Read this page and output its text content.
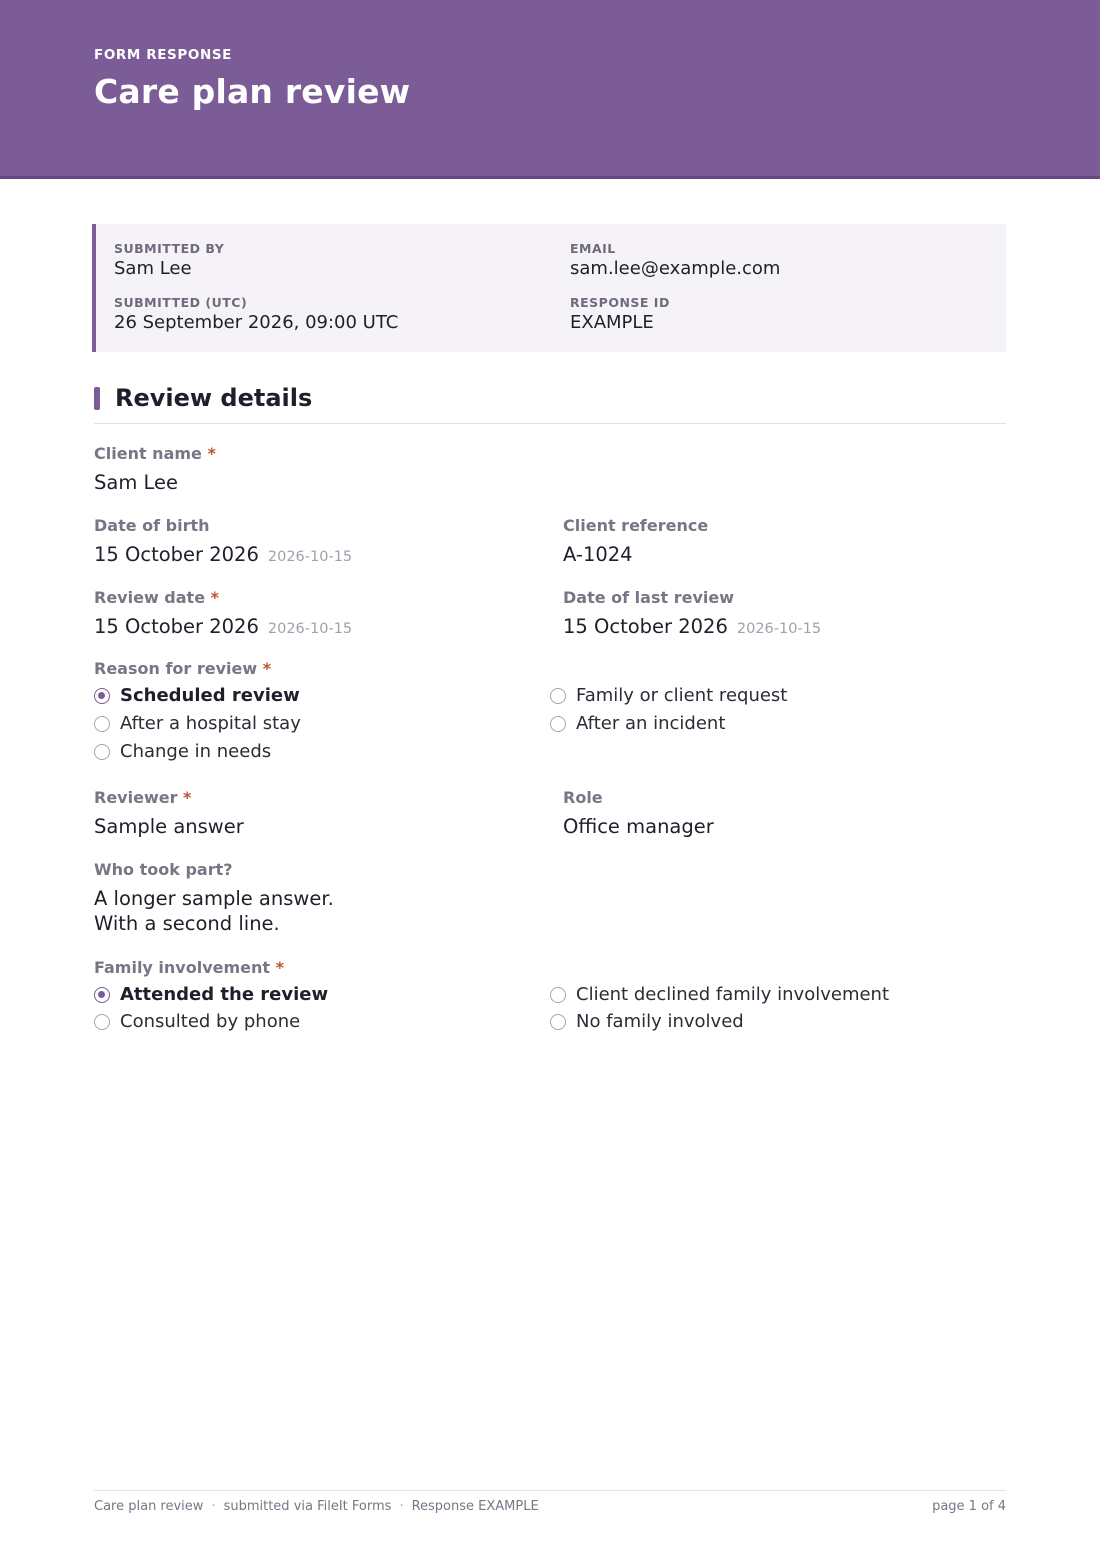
FORM RESPONSE
Care plan review
SUBMITTED BY
Sam Lee
EMAIL
sam.lee@example.com
SUBMITTED (UTC)
26 September 2026, 09:00 UTC
RESPONSE ID
EXAMPLE
Review details
Client name *
Sam Lee
Date of birth
15 October 2026 2026-10-15
Client reference
A-1024
Review date *
15 October 2026 2026-10-15
Date of last review
15 October 2026 2026-10-15
Reason for review *
Scheduled review
After a hospital stay
Change in needs
Family or client request
After an incident
Reviewer *
Sample answer
Role
Office manager
Who took part?
A longer sample answer.
With a second line.
Family involvement *
Attended the review
Consulted by phone
Client declined family involvement
No family involved
Care plan review · submitted via FileIt Forms · Response EXAMPLE	page 1 of 4
